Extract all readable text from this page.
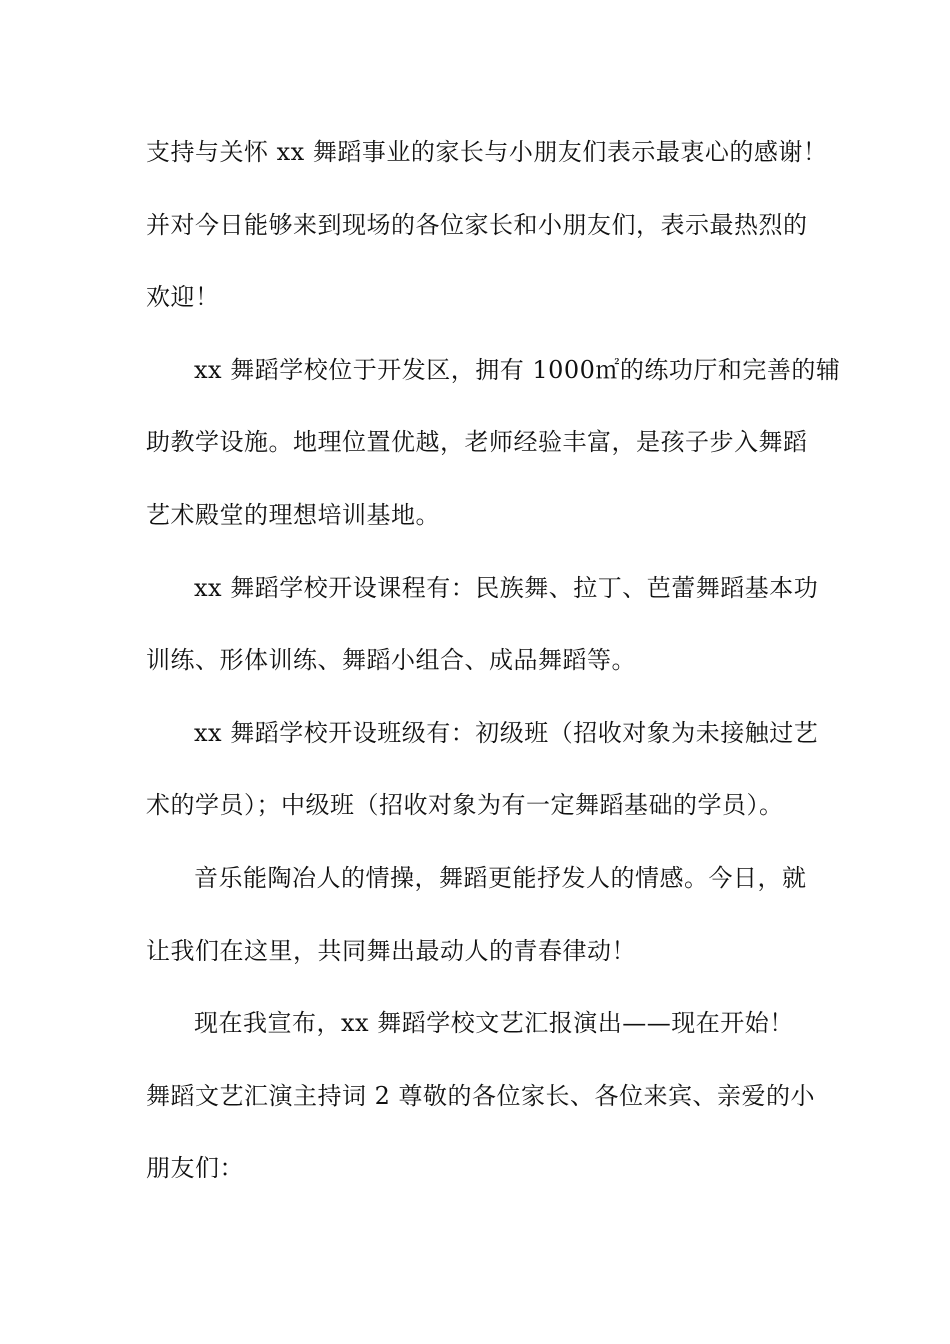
支持与关怀 xx 舞蹈事业的家长与小朋友们表示最衷心的感谢！
并对今日能够来到现场的各位家长和小朋友们，表示最热烈的
欢迎！
xx 舞蹈学校位于开发区，拥有 1000㎡的练功厅和完善的辅
助教学设施。地理位置优越，老师经验丰富，是孩子步入舞蹈
艺术殿堂的理想培训基地。
xx 舞蹈学校开设课程有：民族舞、拉丁、芭蕾舞蹈基本功
训练、形体训练、舞蹈小组合、成品舞蹈等。
xx 舞蹈学校开设班级有：初级班（招收对象为未接触过艺
术的学员）；中级班（招收对象为有一定舞蹈基础的学员）。
音乐能陶冶人的情操，舞蹈更能抒发人的情感。今日，就
让我们在这里，共同舞出最动人的青春律动！
现在我宣布，xx 舞蹈学校文艺汇报演出——现在开始！
舞蹈文艺汇演主持词 2 尊敬的各位家长、各位来宾、亲爱的小
朋友们：
